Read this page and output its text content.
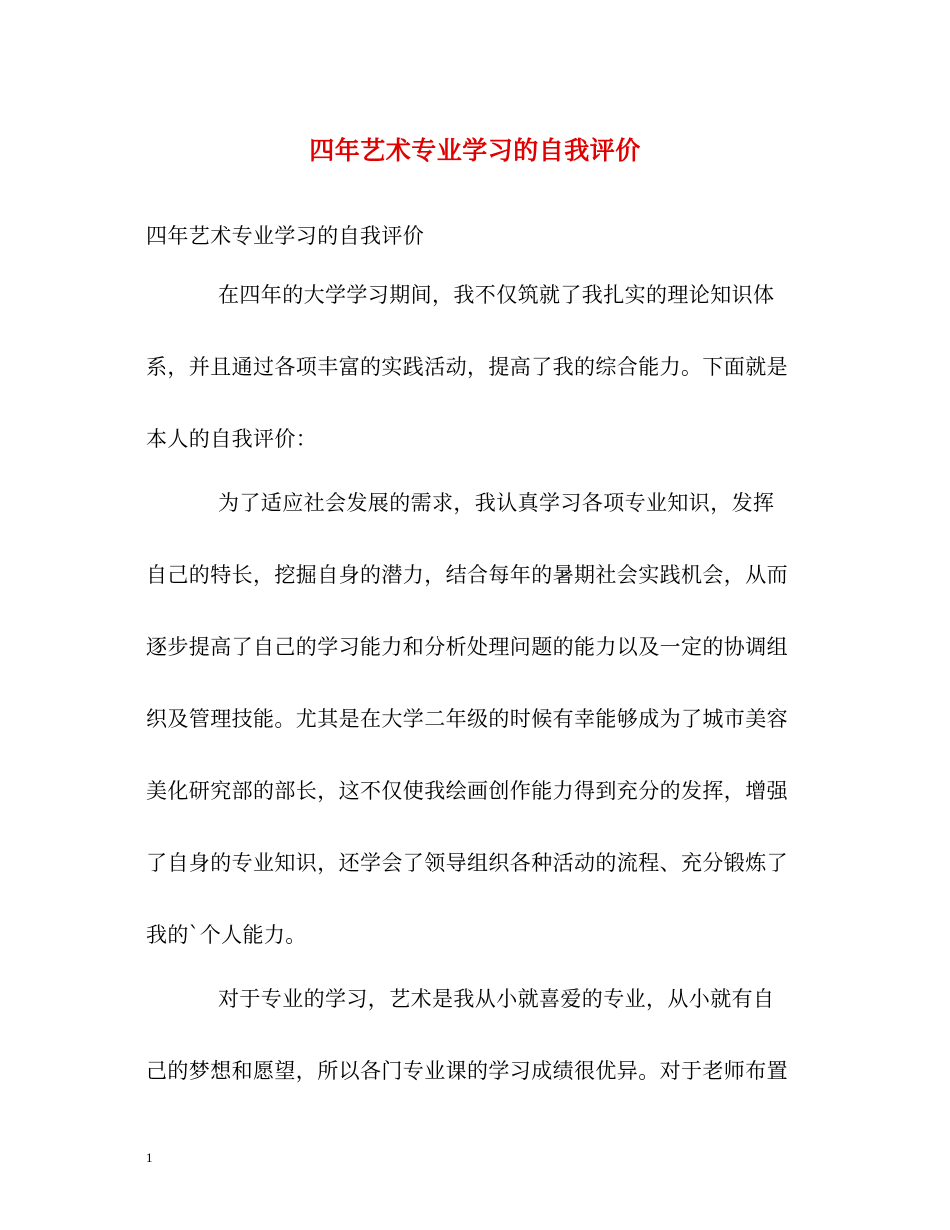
四年艺术专业学习的自我评价
四年艺术专业学习的自我评价
在四年的大学学习期间，我不仅筑就了我扎实的理论知识体
系，并且通过各项丰富的实践活动，提高了我的综合能力。下面就是
本人的自我评价：
为了适应社会发展的需求，我认真学习各项专业知识，发挥
自己的特长，挖掘自身的潜力，结合每年的暑期社会实践机会，从而
逐步提高了自己的学习能力和分析处理问题的能力以及一定的协调组
织及管理技能。尤其是在大学二年级的时候有幸能够成为了城市美容
美化研究部的部长，这不仅使我绘画创作能力得到充分的发挥，增强
了自身的专业知识，还学会了领导组织各种活动的流程、充分锻炼了
我的`个人能力。
对于专业的学习，艺术是我从小就喜爱的专业，从小就有自
己的梦想和愿望，所以各门专业课的学习成绩很优异。对于老师布置
1
